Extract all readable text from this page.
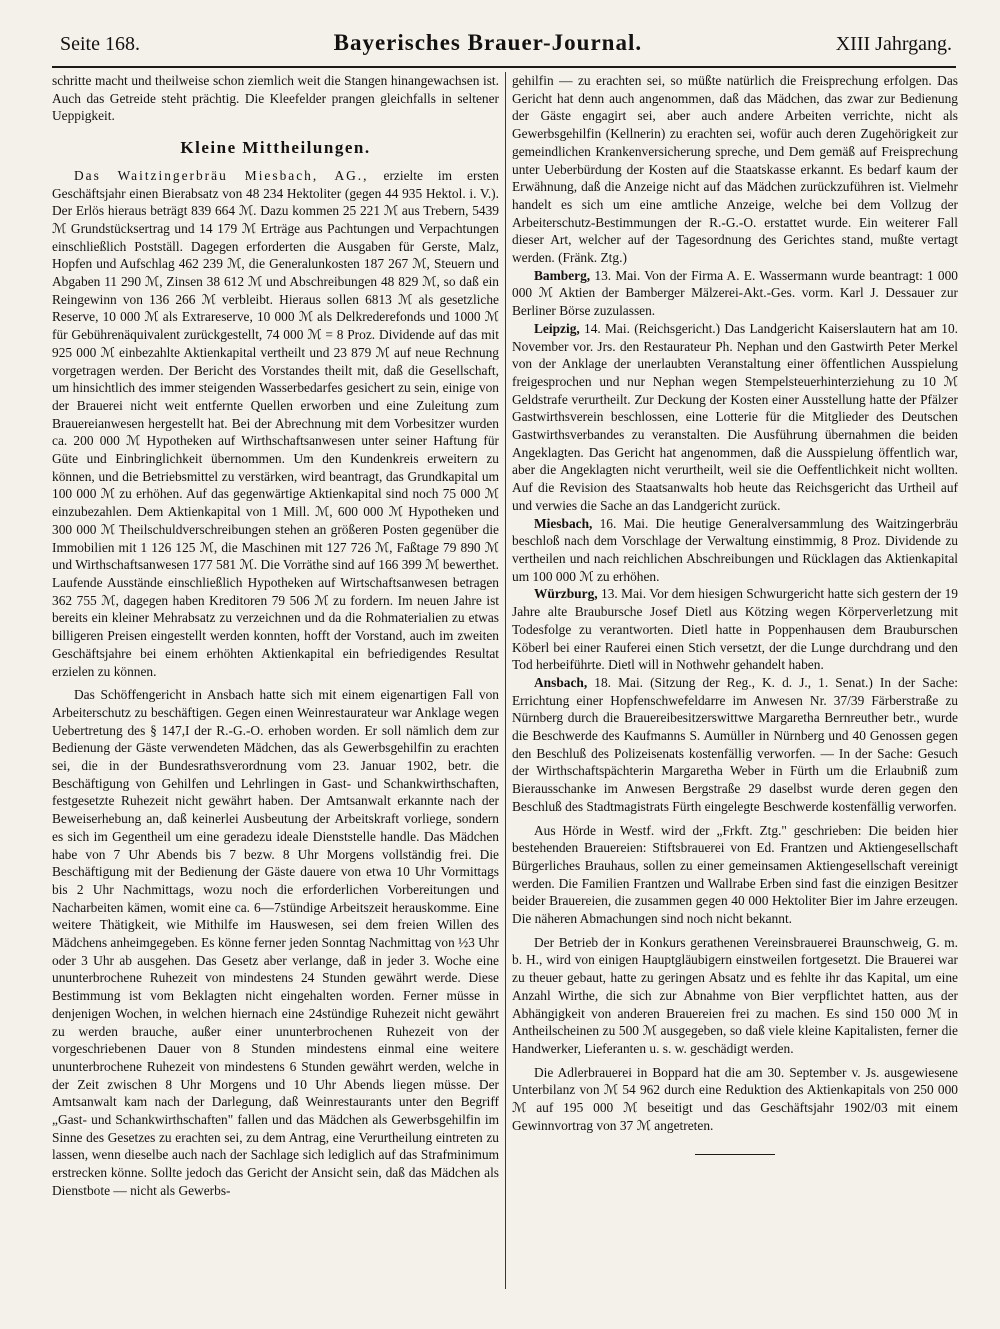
Seite 168.	Bayerisches Brauer-Journal.	XIII Jahrgang.

schritte macht und theilweise schon ziemlich weit die Stangen hinangewachsen ist. Auch das Getreide steht prächtig. Die Kleefelder prangen gleichfalls in seltener Ueppigkeit.

Kleine Mittheilungen.

Das Waitzingerbräu Miesbach, AG., erzielte im ersten Geschäftsjahr einen Bierabsatz von 48 234 Hektoliter (gegen 44 935 Hektol. i. V.). Der Erlös hieraus beträgt 839 664 ℳ. Dazu kommen 25 221 ℳ aus Trebern, 5439 ℳ Grundstücksertrag und 14 179 ℳ Erträge aus Pachtungen und Verpachtungen einschließlich Postställ. Dagegen erforderten die Ausgaben für Gerste, Malz, Hopfen und Aufschlag 462 239 ℳ, die Generalunkosten 187 267 ℳ, Steuern und Abgaben 11 290 ℳ, Zinsen 38 612 ℳ und Abschreibungen 48 829 ℳ, so daß ein Reingewinn von 136 266 ℳ verbleibt. Hieraus sollen 6813 ℳ als gesetzliche Reserve, 10 000 ℳ als Extrareserve, 10 000 ℳ als Delkrederefonds und 1000 ℳ für Gebührenäquivalent zurückgestellt, 74 000 ℳ = 8 Proz. Dividende auf das mit 925 000 ℳ einbezahlte Aktienkapital vertheilt und 23 879 ℳ auf neue Rechnung vorgetragen werden. Der Bericht des Vorstandes theilt mit, daß die Gesellschaft, um hinsichtlich des immer steigenden Wasserbedarfes gesichert zu sein, einige von der Brauerei nicht weit entfernte Quellen erworben und eine Zuleitung zum Brauereianwesen hergestellt hat. Bei der Abrechnung mit dem Vorbesitzer wurden ca. 200 000 ℳ Hypotheken auf Wirthschaftsanwesen unter seiner Haftung für Güte und Einbringlichkeit übernommen. Um den Kundenkreis erweitern zu können, und die Betriebsmittel zu verstärken, wird beantragt, das Grundkapital um 100 000 ℳ zu erhöhen. Auf das gegenwärtige Aktienkapital sind noch 75 000 ℳ einzubezahlen. Dem Aktienkapital von 1 Mill. ℳ, 600 000 ℳ Hypotheken und 300 000 ℳ Theilschuldverschreibungen stehen an größeren Posten gegenüber die Immobilien mit 1 126 125 ℳ, die Maschinen mit 127 726 ℳ, Faßtage 79 890 ℳ und Wirthschaftsanwesen 177 581 ℳ. Die Vorräthe sind auf 166 399 ℳ bewerthet. Laufende Ausstände einschließlich Hypotheken auf Wirtschaftsanwesen betragen 362 755 ℳ, dagegen haben Kreditoren 79 506 ℳ zu fordern. Im neuen Jahre ist bereits ein kleiner Mehrabsatz zu verzeichnen und da die Rohmaterialien zu etwas billigeren Preisen eingestellt werden konnten, hofft der Vorstand, auch im zweiten Geschäftsjahre bei einem erhöhten Aktienkapital ein befriedigendes Resultat erzielen zu können.

Das Schöffengericht in Ansbach hatte sich mit einem eigenartigen Fall von Arbeiterschutz zu beschäftigen. Gegen einen Weinrestaurateur war Anklage wegen Uebertretung des § 147,I der R.-G.-O. erhoben worden. Er soll nämlich dem zur Bedienung der Gäste verwendeten Mädchen, das als Gewerbsgehilfin zu erachten sei, die in der Bundesrathsverordnung vom 23. Januar 1902, betr. die Beschäftigung von Gehilfen und Lehrlingen in Gast- und Schankwirthschaften, festgesetzte Ruhezeit nicht gewährt haben. Der Amtsanwalt erkannte nach der Beweiserhebung an, daß keinerlei Ausbeutung der Arbeitskraft vorliege, sondern es sich im Gegentheil um eine geradezu ideale Dienststelle handle. Das Mädchen habe von 7 Uhr Abends bis 7 bezw. 8 Uhr Morgens vollständig frei. Die Beschäftigung mit der Bedienung der Gäste dauere von etwa 10 Uhr Vormittags bis 2 Uhr Nachmittags, wozu noch die erforderlichen Vorbereitungen und Nacharbeiten kämen, womit eine ca. 6—7stündige Arbeitszeit herauskomme. Eine weitere Thätigkeit, wie Mithilfe im Hauswesen, sei dem freien Willen des Mädchens anheimgegeben. Es könne ferner jeden Sonntag Nachmittag von ½3 Uhr oder 3 Uhr ab ausgehen. Das Gesetz aber verlange, daß in jeder 3. Woche eine ununterbrochene Ruhezeit von mindestens 24 Stunden gewährt werde. Diese Bestimmung ist vom Beklagten nicht eingehalten worden. Ferner müsse in denjenigen Wochen, in welchen hiernach eine 24stündige Ruhezeit nicht gewährt zu werden brauche, außer einer ununterbrochenen Ruhezeit von der vorgeschriebenen Dauer von 8 Stunden mindestens einmal eine weitere ununterbrochene Ruhezeit von mindestens 6 Stunden gewährt werden, welche in der Zeit zwischen 8 Uhr Morgens und 10 Uhr Abends liegen müsse. Der Amtsanwalt kam nach der Darlegung, daß Weinrestaurants unter den Begriff „Gast- und Schankwirthschaften" fallen und das Mädchen als Gewerbsgehilfin im Sinne des Gesetzes zu erachten sei, zu dem Antrag, eine Verurtheilung eintreten zu lassen, wenn dieselbe auch nach der Sachlage sich lediglich auf das Strafminimum erstrecken könne. Sollte jedoch das Gericht der Ansicht sein, daß das Mädchen als Dienstbote — nicht als Gewerbs-

gehilfin — zu erachten sei, so müßte natürlich die Freisprechung erfolgen. Das Gericht hat denn auch angenommen, daß das Mädchen, das zwar zur Bedienung der Gäste engagirt sei, aber auch andere Arbeiten verrichte, nicht als Gewerbsgehilfin (Kellnerin) zu erachten sei, wofür auch deren Zugehörigkeit zur gemeindlichen Krankenversicherung spreche, und Dem gemäß auf Freisprechung unter Ueberbürdung der Kosten auf die Staatskasse erkannt. Es bedarf kaum der Erwähnung, daß die Anzeige nicht auf das Mädchen zurückzuführen ist. Vielmehr handelt es sich um eine amtliche Anzeige, welche bei dem Vollzug der Arbeiterschutz-Bestimmungen der R.-G.-O. erstattet wurde. Ein weiterer Fall dieser Art, welcher auf der Tagesordnung des Gerichtes stand, mußte vertagt werden. (Fränk. Ztg.)

Bamberg, 13. Mai. Von der Firma A. E. Wassermann wurde beantragt: 1 000 000 ℳ Aktien der Bamberger Mälzerei-Akt.-Ges. vorm. Karl J. Dessauer zur Berliner Börse zuzulassen.

Leipzig, 14. Mai. (Reichsgericht.) Das Landgericht Kaiserslautern hat am 10. November vor. Jrs. den Restaurateur Ph. Nephan und den Gastwirth Peter Merkel von der Anklage der unerlaubten Veranstaltung einer öffentlichen Ausspielung freigesprochen und nur Nephan wegen Stempelsteuerhinterziehung zu 10 ℳ Geldstrafe verurtheilt. Zur Deckung der Kosten einer Ausstellung hatte der Pfälzer Gastwirthsverein beschlossen, eine Lotterie für die Mitglieder des Deutschen Gastwirthsverbandes zu veranstalten. Die Ausführung übernahmen die beiden Angeklagten. Das Gericht hat angenommen, daß die Ausspielung öffentlich war, aber die Angeklagten nicht verurtheilt, weil sie die Oeffentlichkeit nicht wollten. Auf die Revision des Staatsanwalts hob heute das Reichsgericht das Urtheil auf und verwies die Sache an das Landgericht zurück.

Miesbach, 16. Mai. Die heutige Generalversammlung des Waitzingerbräu beschloß nach dem Vorschlage der Verwaltung einstimmig, 8 Proz. Dividende zu vertheilen und nach reichlichen Abschreibungen und Rücklagen das Aktienkapital um 100 000 ℳ zu erhöhen.

Würzburg, 13. Mai. Vor dem hiesigen Schwurgericht hatte sich gestern der 19 Jahre alte Braubursche Josef Dietl aus Kötzing wegen Körperverletzung mit Todesfolge zu verantworten. Dietl hatte in Poppenhausen dem Brauburschen Köberl bei einer Rauferei einen Stich versetzt, der die Lunge durchdrang und den Tod herbeiführte. Dietl will in Nothwehr gehandelt haben.

Ansbach, 18. Mai. (Sitzung der Reg., K. d. J., 1. Senat.) In der Sache: Errichtung einer Hopfenschwefeldarre im Anwesen Nr. 37/39 Färberstraße zu Nürnberg durch die Brauereibesitzerswittwe Margaretha Bernreuther betr., wurde die Beschwerde des Kaufmanns S. Aumüller in Nürnberg und 40 Genossen gegen den Beschluß des Polizeisenats kostenfällig verworfen. — In der Sache: Gesuch der Wirthschaftspächterin Margaretha Weber in Fürth um die Erlaubniß zum Bierausschanke im Anwesen Bergstraße 29 daselbst wurde deren gegen den Beschluß des Stadtmagistrats Fürth eingelegte Beschwerde kostenfällig verworfen.

Aus Hörde in Westf. wird der „Frkft. Ztg." geschrieben: Die beiden hier bestehenden Brauereien: Stiftsbrauerei von Ed. Frantzen und Aktiengesellschaft Bürgerliches Brauhaus, sollen zu einer gemeinsamen Aktiengesellschaft vereinigt werden. Die Familien Frantzen und Wallrabe Erben sind fast die einzigen Besitzer beider Brauereien, die zusammen gegen 40 000 Hektoliter Bier im Jahre erzeugen. Die näheren Abmachungen sind noch nicht bekannt.

Der Betrieb der in Konkurs gerathenen Vereinsbrauerei Braunschweig, G. m. b. H., wird von einigen Hauptgläubigern einstweilen fortgesetzt. Die Brauerei war zu theuer gebaut, hatte zu geringen Absatz und es fehlte ihr das Kapital, um eine Anzahl Wirthe, die sich zur Abnahme von Bier verpflichtet hatten, aus der Abhängigkeit von anderen Brauereien frei zu machen. Es sind 150 000 ℳ in Antheilscheinen zu 500 ℳ ausgegeben, so daß viele kleine Kapitalisten, ferner die Handwerker, Lieferanten u. s. w. geschädigt werden.

Die Adlerbrauerei in Boppard hat die am 30. September v. Js. ausgewiesene Unterbilanz von ℳ 54 962 durch eine Reduktion des Aktienkapitals von 250 000 ℳ auf 195 000 ℳ beseitigt und das Geschäftsjahr 1902/03 mit einem Gewinnvortrag von 37 ℳ angetreten.
